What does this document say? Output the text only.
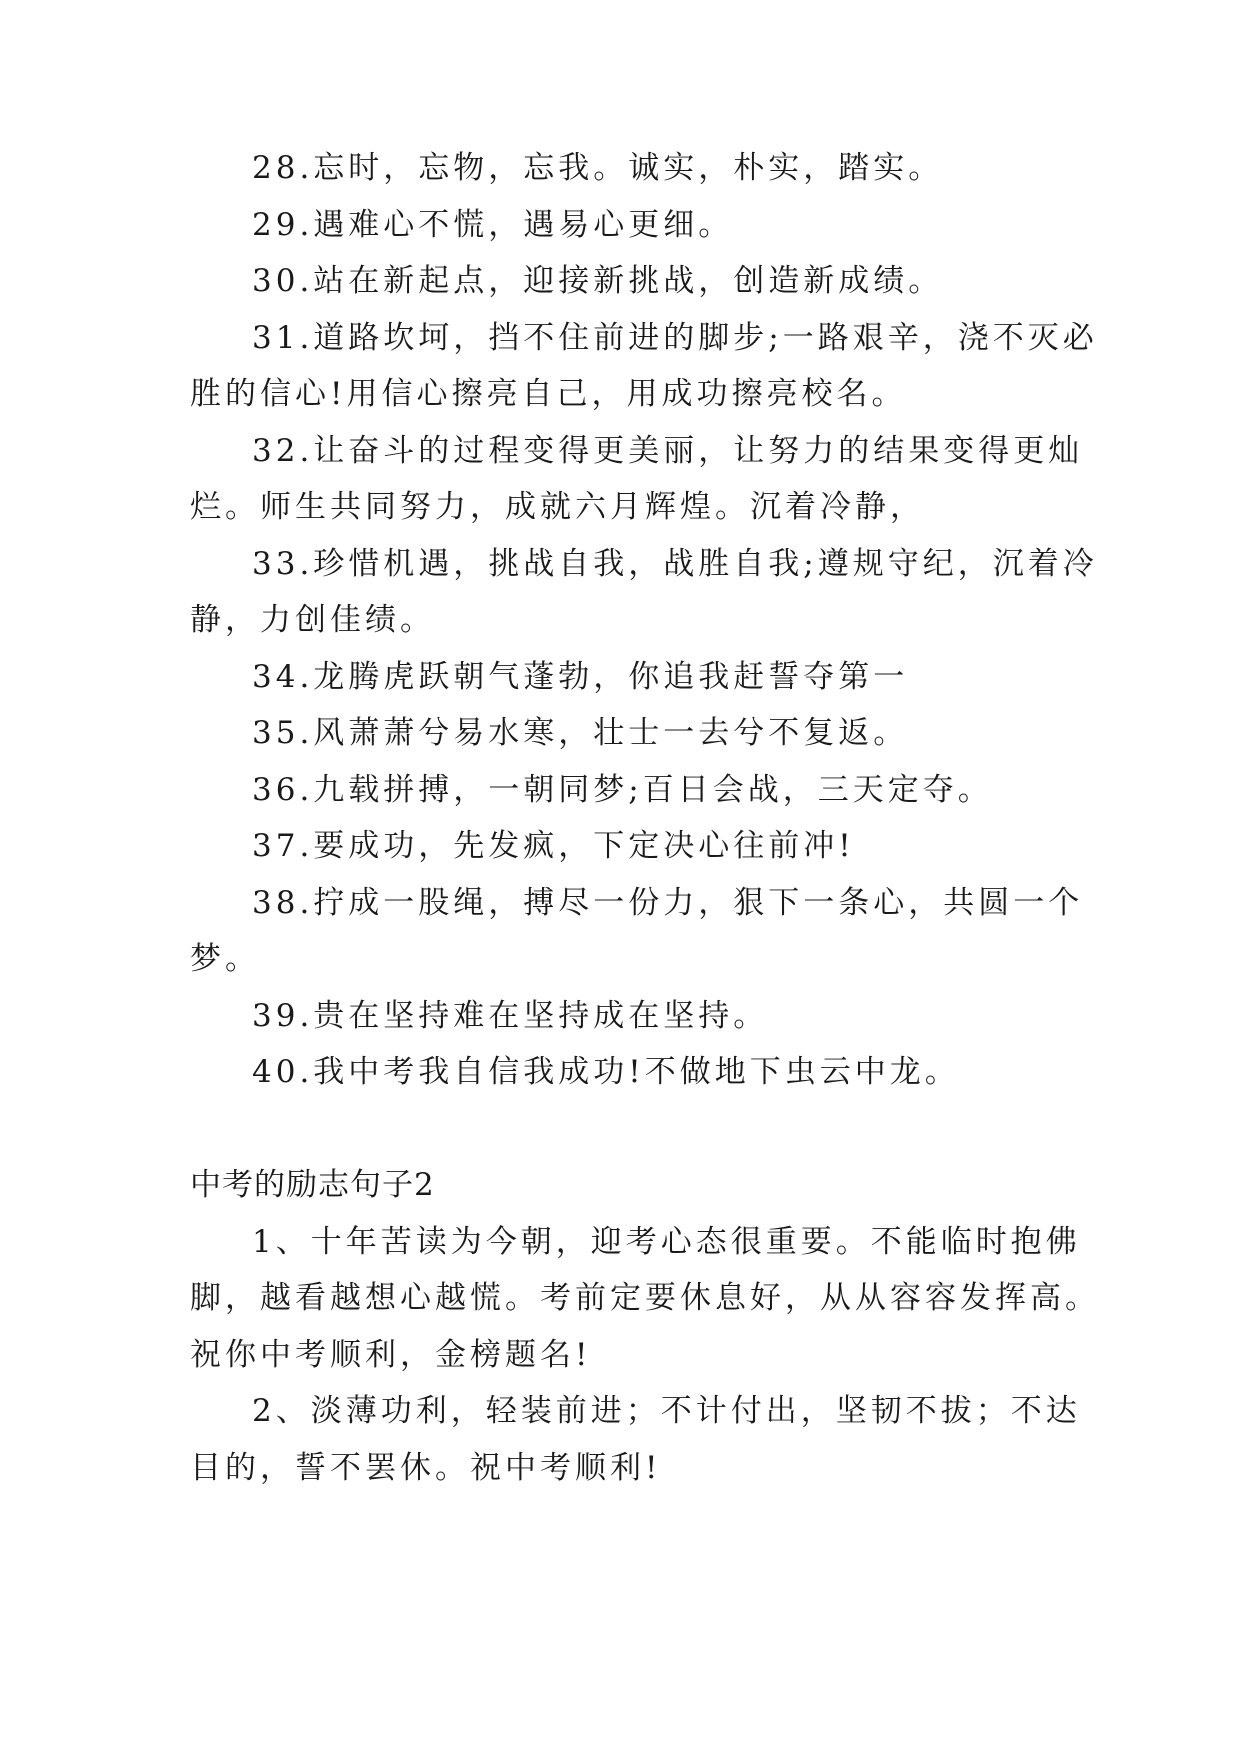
28.忘时，忘物，忘我。诚实，朴实，踏实。
29.遇难心不慌，遇易心更细。
30.站在新起点，迎接新挑战，创造新成绩。
31.道路坎坷，挡不住前进的脚步;一路艰辛，浇不灭必
胜的信心!用信心擦亮自己，用成功擦亮校名。
32.让奋斗的过程变得更美丽，让努力的结果变得更灿
烂。师生共同努力，成就六月辉煌。沉着冷静，
33.珍惜机遇，挑战自我，战胜自我;遵规守纪，沉着冷
静，力创佳绩。
34.龙腾虎跃朝气蓬勃，你追我赶誓夺第一
35.风萧萧兮易水寒，壮士一去兮不复返。
36.九载拼搏，一朝同梦;百日会战，三天定夺。
37.要成功，先发疯，下定决心往前冲!
38.拧成一股绳，搏尽一份力，狠下一条心，共圆一个
梦。
39.贵在坚持难在坚持成在坚持。
40.我中考我自信我成功!不做地下虫云中龙。
中考的励志句子2
1、十年苦读为今朝，迎考心态很重要。不能临时抱佛
脚，越看越想心越慌。考前定要休息好，从从容容发挥高。
祝你中考顺利，金榜题名!
2、淡薄功利，轻装前进；不计付出，坚韧不拔；不达
目的，誓不罢休。祝中考顺利!
